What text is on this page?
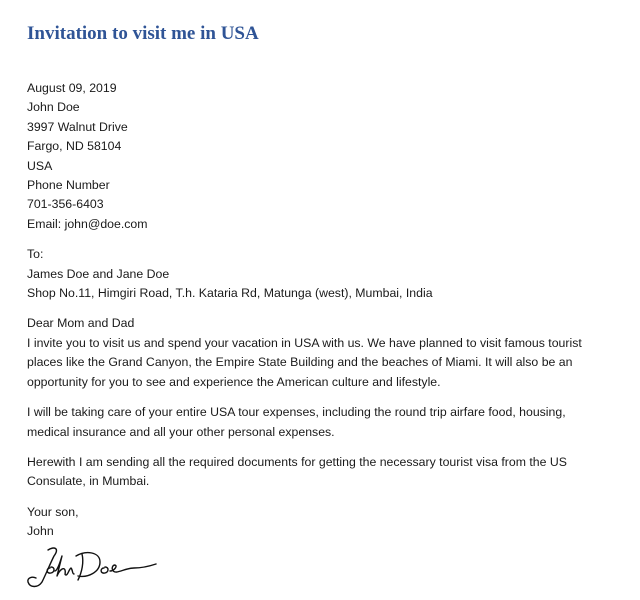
Invitation to visit me in USA
August 09, 2019
John Doe
3997 Walnut Drive
Fargo, ND 58104
USA
Phone Number
701-356-6403
Email: john@doe.com
To:
James Doe and Jane Doe
Shop No.11, Himgiri Road, T.h. Kataria Rd, Matunga (west), Mumbai, India
Dear Mom and Dad
I invite you to visit us and spend your vacation in USA with us. We have planned to visit famous tourist
places like the Grand Canyon, the Empire State Building and the beaches of Miami. It will also be an
opportunity for you to see and experience the American culture and lifestyle.
I will be taking care of your entire USA tour expenses, including the round trip airfare food, housing,
medical insurance and all your other personal expenses.
Herewith I am sending all the required documents for getting the necessary tourist visa from the US
Consulate, in Mumbai.
Your son,
John
